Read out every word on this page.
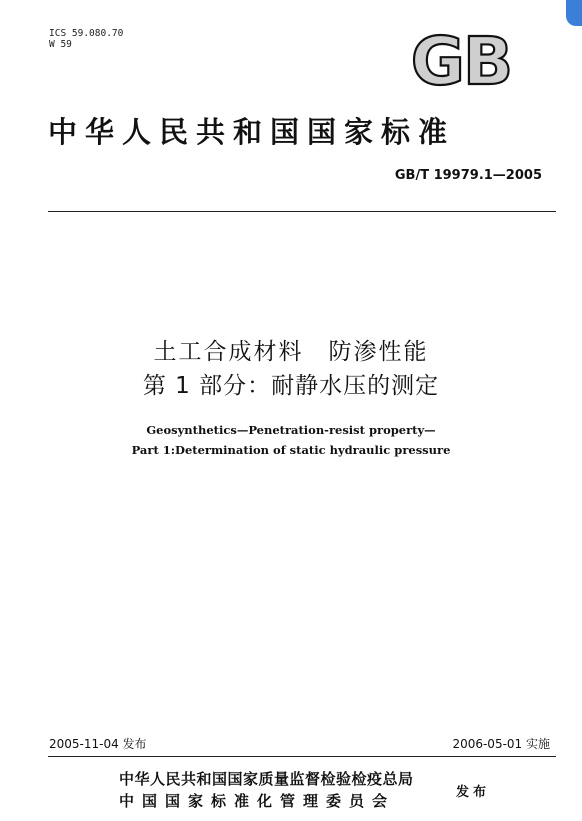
ICS 59.080.70
W 59	GB
中华人民共和国国家标准
GB/T 19979.1—2005
土工合成材料　防渗性能
第 1 部分：耐静水压的测定
Geosynthetics—Penetration-resist property—
Part 1:Determination of static hydraulic pressure
2005-11-04 发布	2006-05-01 实施
中华人民共和国国家质量监督检验检疫总局
中国国家标准化管理委员会	发布
